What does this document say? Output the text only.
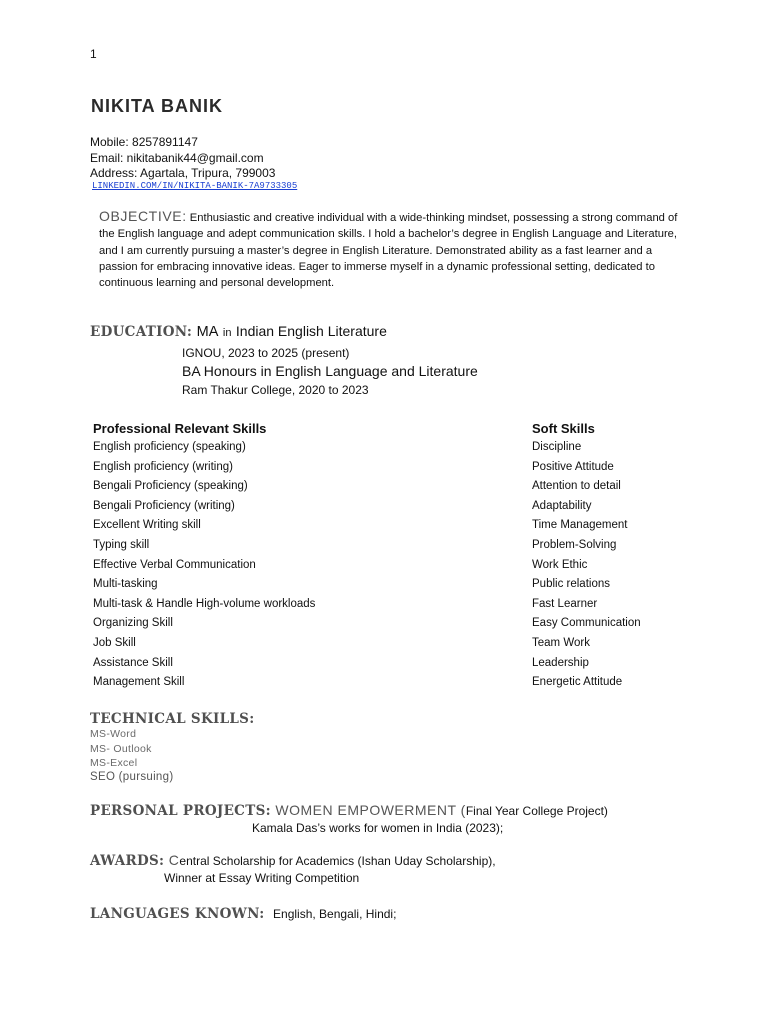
1
NIKITA BANIK
Mobile: 8257891147
Email: nikitabanik44@gmail.com
Address: Agartala, Tripura, 799003
LINKEDIN.COM/IN/NIKITA-BANIK-7A9733305
OBJECTIVE: Enthusiastic and creative individual with a wide-thinking mindset, possessing a strong command of the English language and adept communication skills. I hold a bachelor’s degree in English Language and Literature, and I am currently pursuing a master’s degree in English Literature. Demonstrated ability as a fast learner and a passion for embracing innovative ideas. Eager to immerse myself in a dynamic professional setting, dedicated to continuous learning and personal development.
EDUCATION: MA in Indian English Literature
IGNOU, 2023 to 2025 (present)
BA Honours in English Language and Literature
Ram Thakur College, 2020 to 2023
Professional Relevant Skills
English proficiency (speaking)
English proficiency (writing)
Bengali Proficiency (speaking)
Bengali Proficiency (writing)
Excellent Writing skill
Typing skill
Effective Verbal Communication
Multi-tasking
Multi-task & Handle High-volume workloads
Organizing Skill
Job Skill
Assistance Skill
Management Skill
Soft Skills
Discipline
Positive Attitude
Attention to detail
Adaptability
Time Management
Problem-Solving
Work Ethic
Public relations
Fast Learner
Easy Communication
Team Work
Leadership
Energetic Attitude
TECHNICAL SKILLS:
MS-Word
MS- Outlook
MS-Excel
SEO (pursuing)
PERSONAL PROJECTS: WOMEN EMPOWERMENT (Final Year College Project)
Kamala Das’s works for women in India (2023);
AWARDS: Central Scholarship for Academics (Ishan Uday Scholarship),
Winner at Essay Writing Competition
LANGUAGES KNOWN: English, Bengali, Hindi;
